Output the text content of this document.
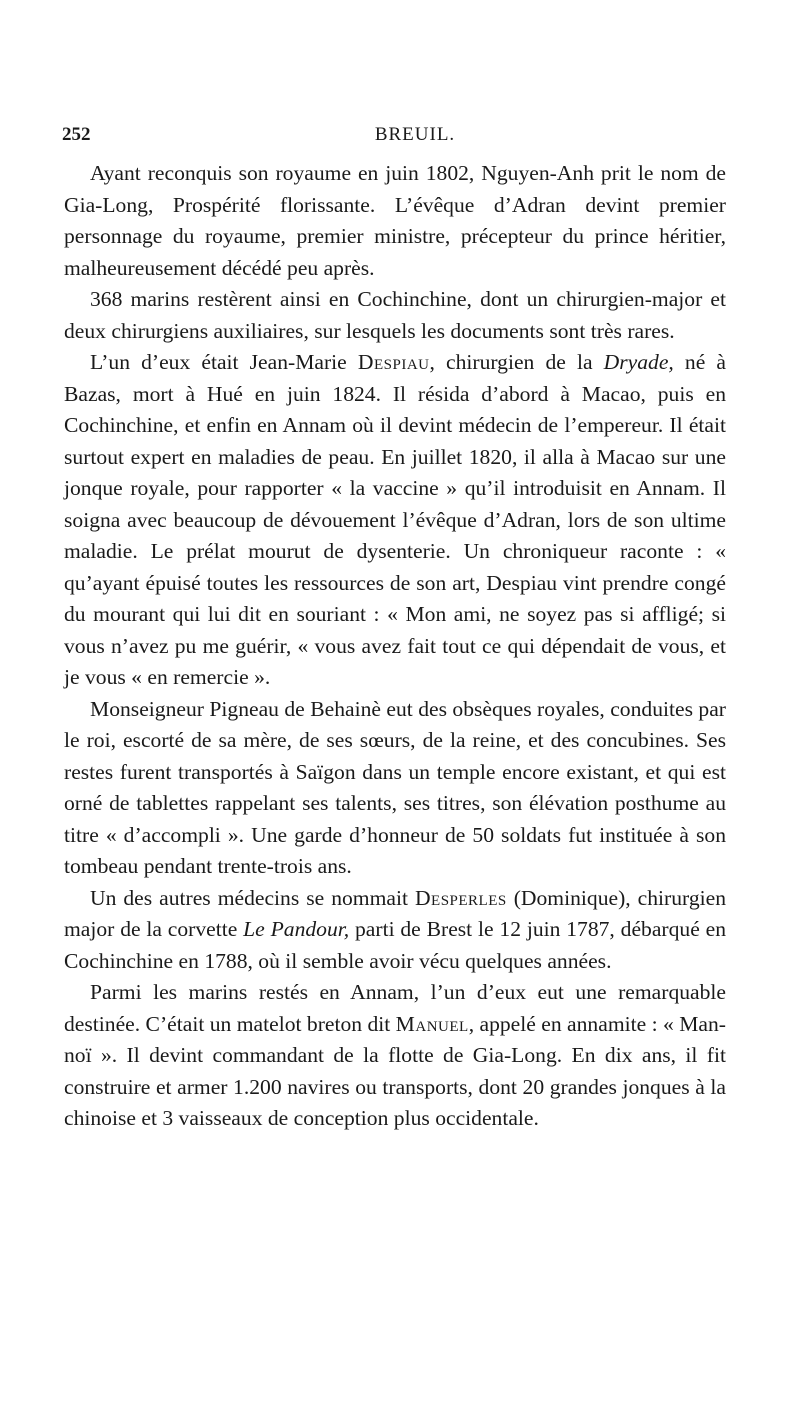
252	BREUIL.

Ayant reconquis son royaume en juin 1802, Nguyen-Anh prit le nom de Gia-Long, Prospérité florissante. L’évêque d’Adran devint premier personnage du royaume, premier ministre, précepteur du prince héritier, malheureusement décédé peu après.

368 marins restèrent ainsi en Cochinchine, dont un chirurgien-major et deux chirurgiens auxiliaires, sur lesquels les documents sont très rares.

L’un d’eux était Jean-Marie Despiau, chirurgien de la Dryade, né à Bazas, mort à Hué en juin 1824. Il résida d’abord à Macao, puis en Cochinchine, et enfin en Annam où il devint médecin de l’empereur. Il était surtout expert en maladies de peau. En juillet 1820, il alla à Macao sur une jonque royale, pour rapporter « la vaccine » qu’il introduisit en Annam. Il soigna avec beaucoup de dévouement l’évêque d’Adran, lors de son ultime maladie. Le prélat mourut de dysenterie. Un chroniqueur raconte : « qu’ayant épuisé toutes les ressources de son art, Despiau vint prendre congé du mourant qui lui dit en souriant : « Mon ami, ne soyez pas si affligé; si vous n’avez pu me guérir, « vous avez fait tout ce qui dépendait de vous, et je vous « en remercie ».

Monseigneur Pigneau de Behainè eut des obsèques royales, conduites par le roi, escorté de sa mère, de ses sœurs, de la reine, et des concubines. Ses restes furent transportés à Saïgon dans un temple encore existant, et qui est orné de tablettes rappelant ses talents, ses titres, son élévation posthume au titre « d’accompli ». Une garde d’honneur de 50 soldats fut instituée à son tombeau pendant trente-trois ans.

Un des autres médecins se nommait Desperles (Dominique), chirurgien major de la corvette Le Pandour, parti de Brest le 12 juin 1787, débarqué en Cochinchine en 1788, où il semble avoir vécu quelques années.

Parmi les marins restés en Annam, l’un d’eux eut une remarquable destinée. C’était un matelot breton dit Manuel, appelé en annamite : « Man-noï ». Il devint commandant de la flotte de Gia-Long. En dix ans, il fit construire et armer 1.200 navires ou transports, dont 20 grandes jonques à la chinoise et 3 vaisseaux de conception plus occidentale.
